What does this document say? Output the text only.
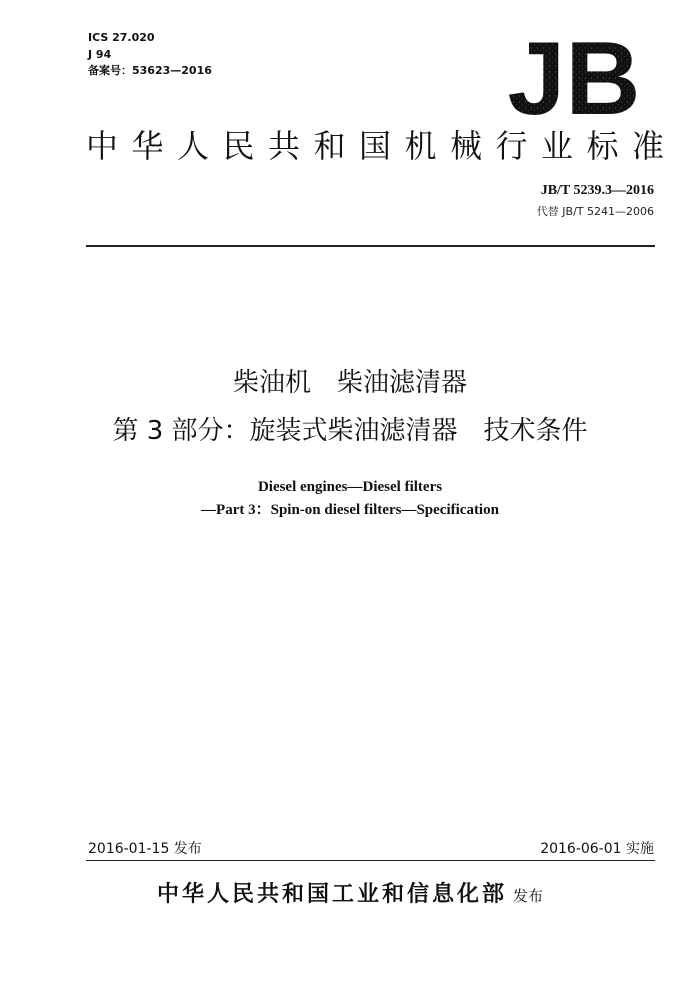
ICS 27.020
J 94
备案号：53623—2016	JB
中华人民共和国机械行业标准
JB/T 5239.3—2016
代替 JB/T 5241—2006
柴油机　柴油滤清器
第 3 部分：旋装式柴油滤清器　技术条件
Diesel engines—Diesel filters
—Part 3：Spin-on diesel filters—Specification
2016-01-15 发布	2016-06-01 实施
中华人民共和国工业和信息化部 发布
